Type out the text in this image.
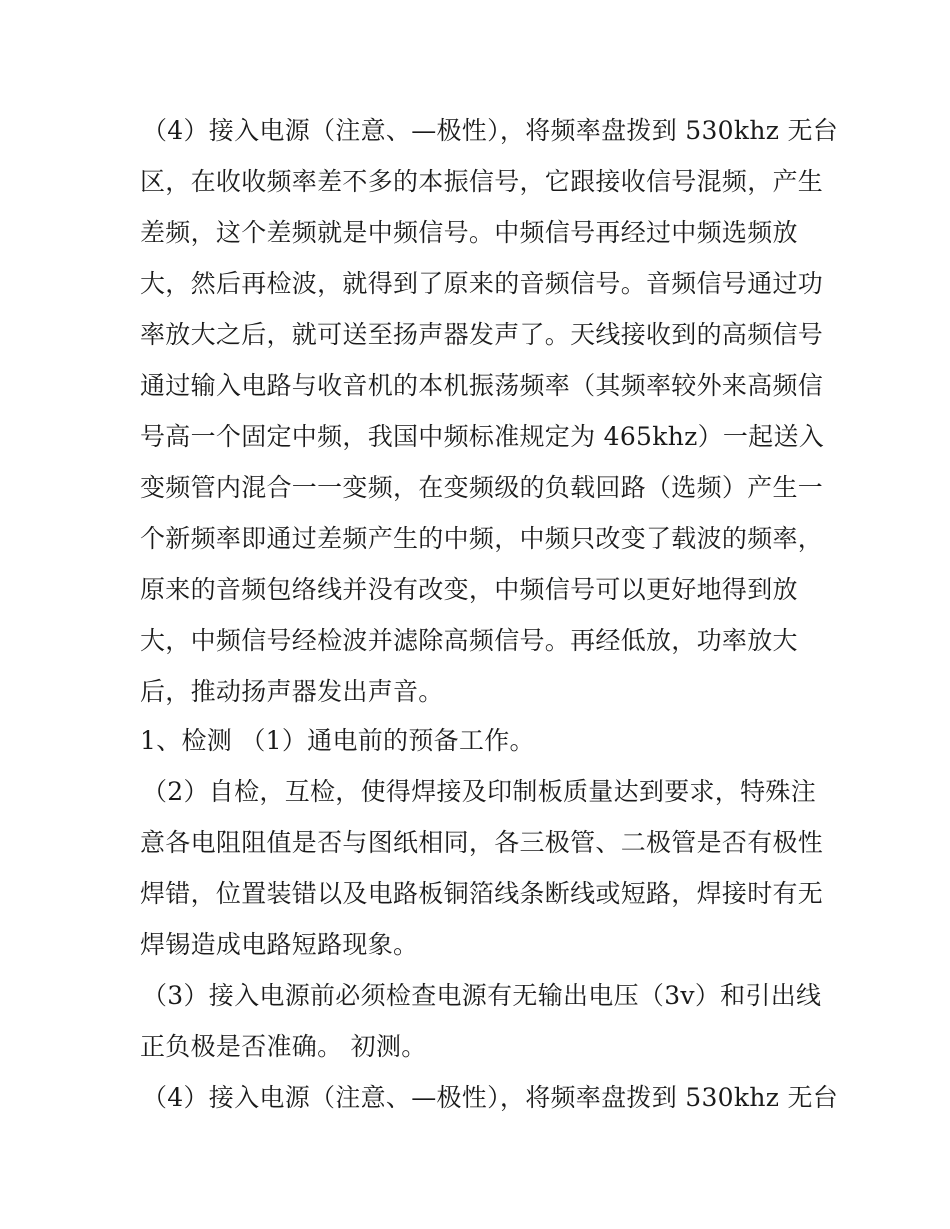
（4）接入电源（注意、—极性），将频率盘拨到 530khz 无台

区，在收收频率差不多的本振信号，它跟接收信号混频，产生

差频，这个差频就是中频信号。中频信号再经过中频选频放

大，然后再检波，就得到了原来的音频信号。音频信号通过功

率放大之后，就可送至扬声器发声了。天线接收到的高频信号

通过输入电路与收音机的本机振荡频率（其频率较外来高频信

号高一个固定中频，我国中频标准规定为 465khz）一起送入

变频管内混合一一变频，在变频级的负载回路（选频）产生一

个新频率即通过差频产生的中频，中频只改变了载波的频率，

原来的音频包络线并没有改变，中频信号可以更好地得到放

大，中频信号经检波并滤除高频信号。再经低放，功率放大

后，推动扬声器发出声音。

1、检测 （1）通电前的预备工作。

（2）自检，互检，使得焊接及印制板质量达到要求，特殊注

意各电阻阻值是否与图纸相同，各三极管、二极管是否有极性

焊错，位置装错以及电路板铜箔线条断线或短路，焊接时有无

焊锡造成电路短路现象。

（3）接入电源前必须检查电源有无输出电压（3v）和引出线

正负极是否准确。 初测。

（4）接入电源（注意、—极性），将频率盘拨到 530khz 无台
